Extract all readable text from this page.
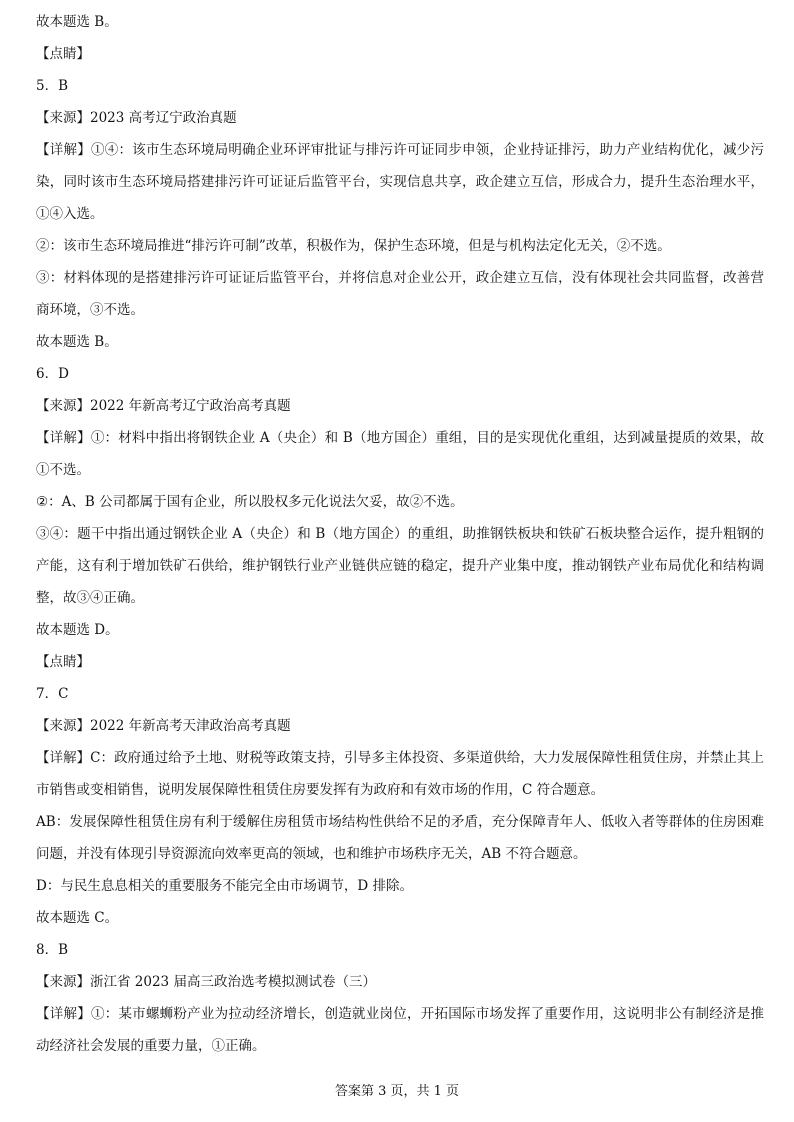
故本题选 B。

【点睛】

5．B

【来源】2023 高考辽宁政治真题

【详解】①④：该市生态环境局明确企业环评审批证与排污许可证同步申领，企业持证排污，助力产业结构优化，减少污染，同时该市生态环境局搭建排污许可证证后监管平台，实现信息共享，政企建立互信，形成合力，提升生态治理水平，①④入选。

②：该市生态环境局推进“排污许可制”改革，积极作为，保护生态环境，但是与机构法定化无关，②不选。

③：材料体现的是搭建排污许可证证后监管平台，并将信息对企业公开，政企建立互信，没有体现社会共同监督，改善营商环境，③不选。

故本题选 B。

6．D

【来源】2022 年新高考辽宁政治高考真题

【详解】①：材料中指出将钢铁企业 A（央企）和 B（地方国企）重组，目的是实现优化重组，达到减量提质的效果，故①不选。

②：A、B 公司都属于国有企业，所以股权多元化说法欠妥，故②不选。

③④：题干中指出通过钢铁企业 A（央企）和 B（地方国企）的重组，助推钢铁板块和铁矿石板块整合运作，提升粗钢的产能，这有利于增加铁矿石供给，维护钢铁行业产业链供应链的稳定，提升产业集中度，推动钢铁产业布局优化和结构调整，故③④正确。

故本题选 D。

【点睛】

7．C

【来源】2022 年新高考天津政治高考真题

【详解】C：政府通过给予土地、财税等政策支持，引导多主体投资、多渠道供给，大力发展保障性租赁住房，并禁止其上市销售或变相销售，说明发展保障性租赁住房要发挥有为政府和有效市场的作用，C 符合题意。

AB：发展保障性租赁住房有利于缓解住房租赁市场结构性供给不足的矛盾，充分保障青年人、低收入者等群体的住房困难问题，并没有体现引导资源流向效率更高的领域，也和维护市场秩序无关，AB 不符合题意。

D：与民生息息相关的重要服务不能完全由市场调节，D 排除。

故本题选 C。

8．B

【来源】浙江省 2023 届高三政治选考模拟测试卷（三）

【详解】①：某市螺蛳粉产业为拉动经济增长，创造就业岗位，开拓国际市场发挥了重要作用，这说明非公有制经济是推动经济社会发展的重要力量，①正确。

答案第 3 页，共 1 页
